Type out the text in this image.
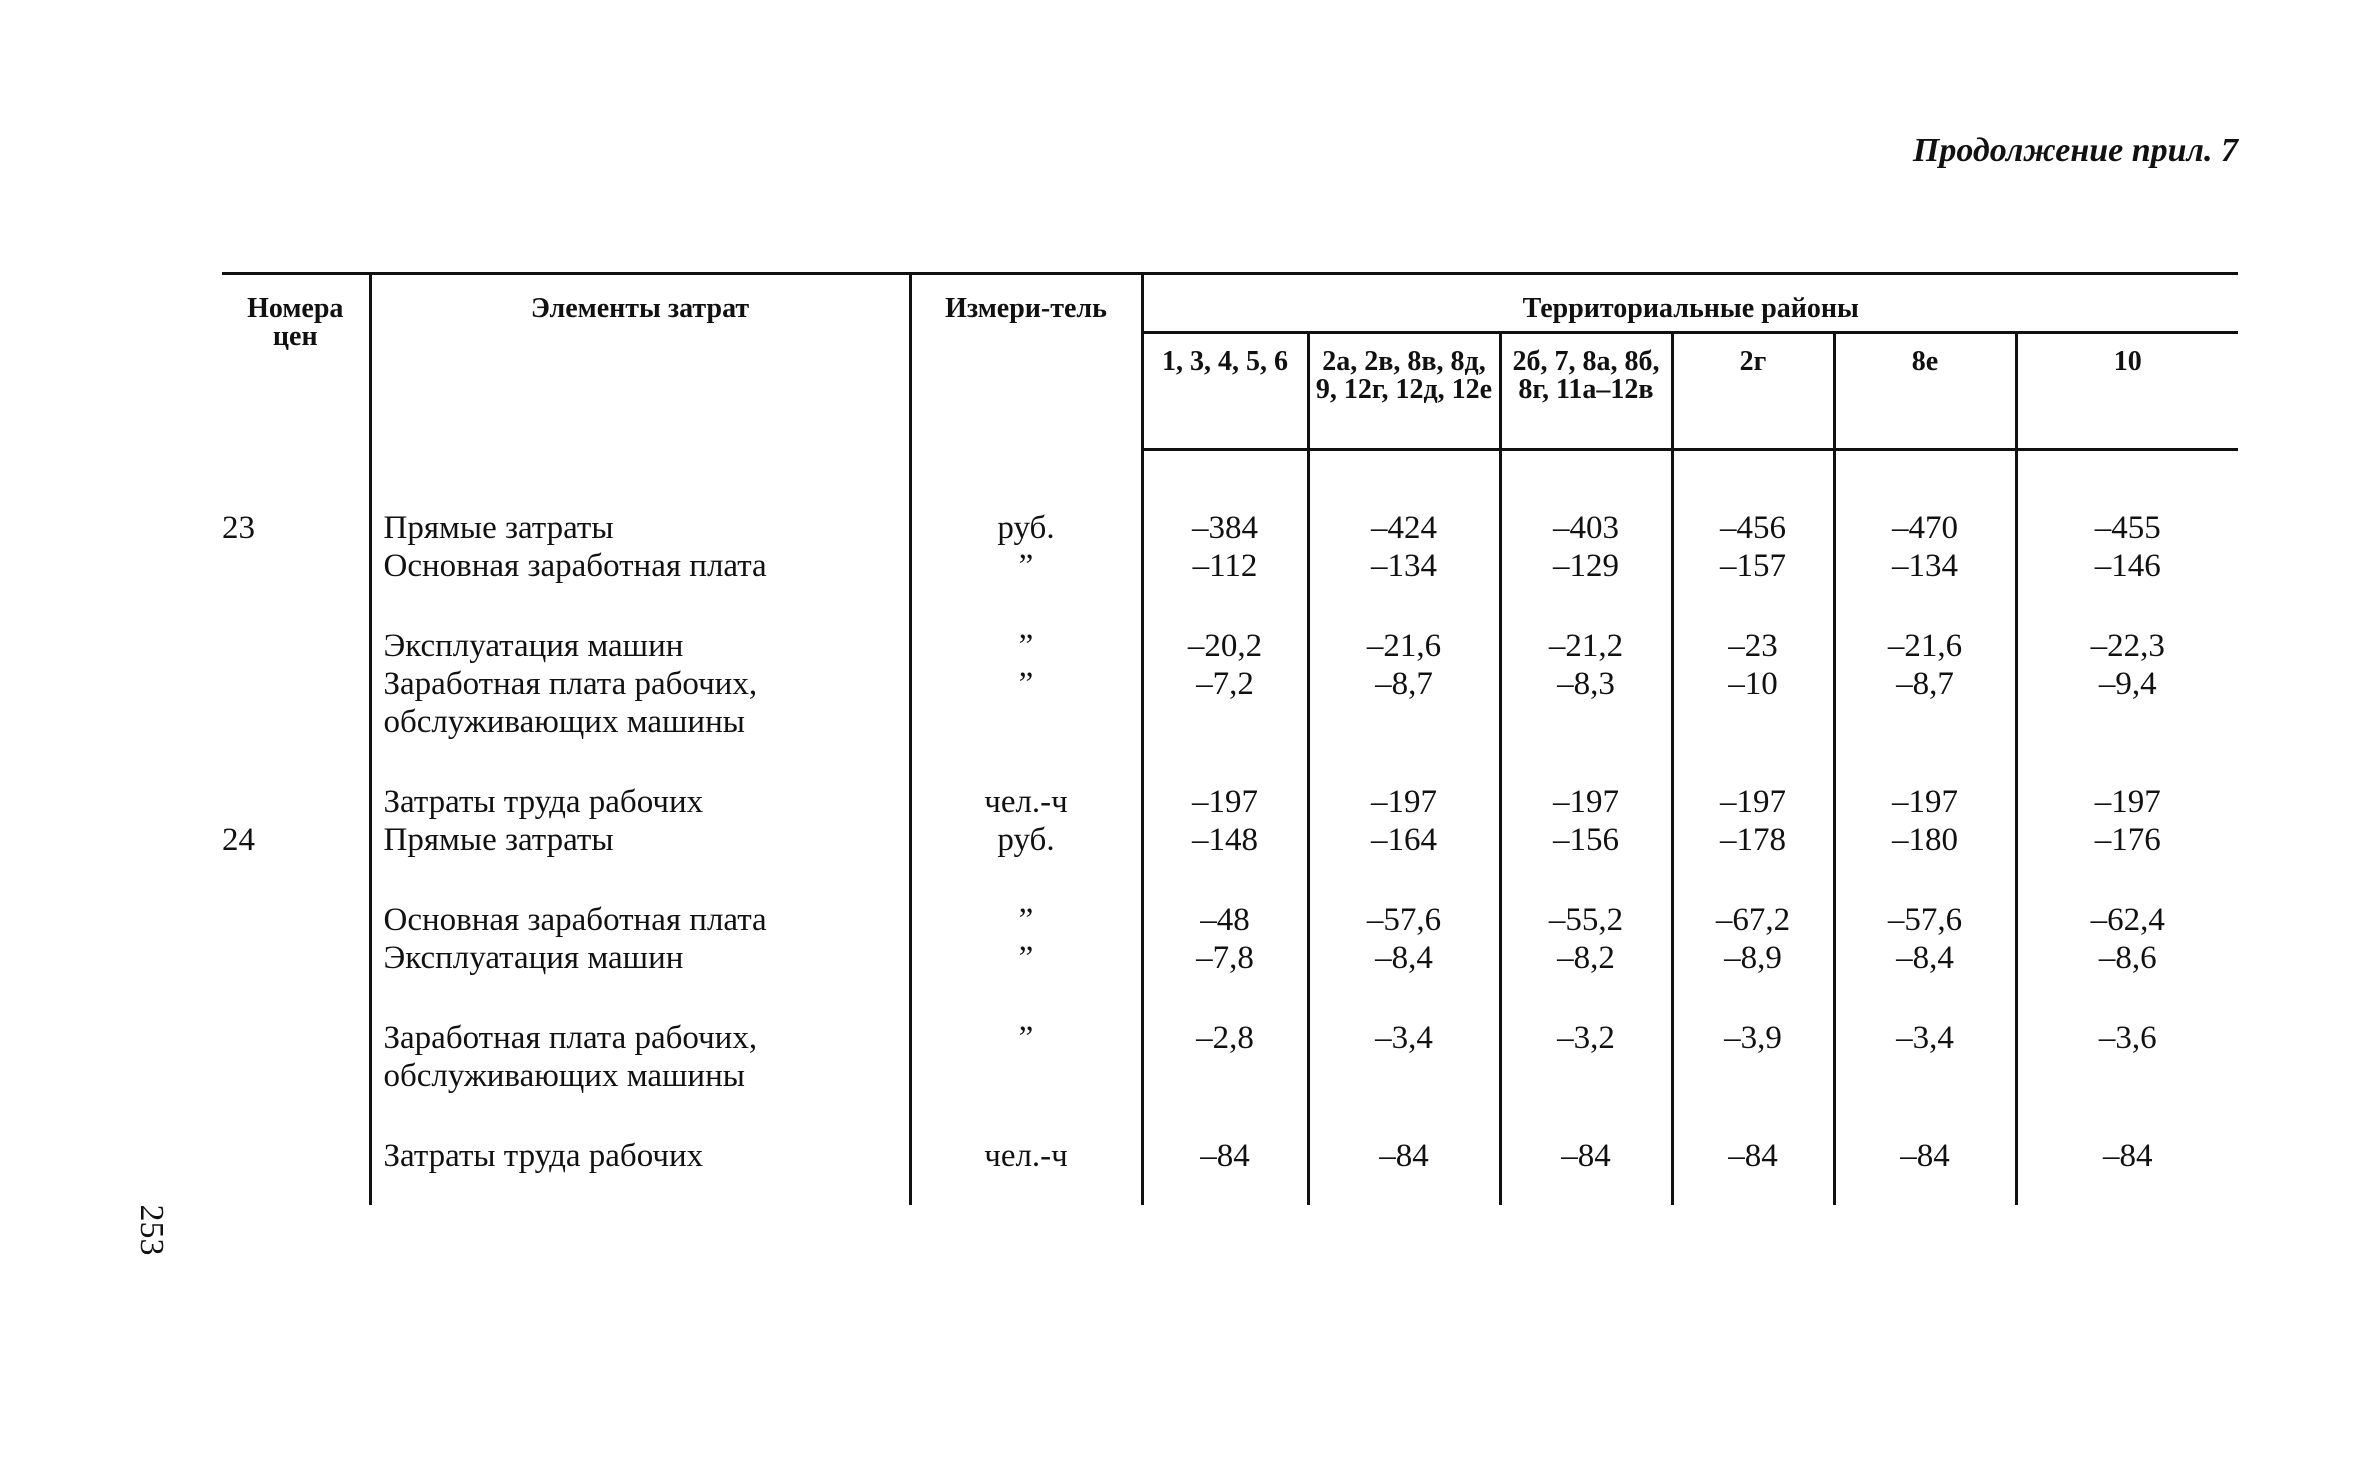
Продолжение прил. 7
253
Номера цен	Элементы затрат	Измери-тель	Территориальные районы					
			1, 3, 4, 5, 6	2а, 2в, 8в, 8д, 9, 12г, 12д, 12е	2б, 7, 8а, 8б, 8г, 11а–12в	2г	8е	10

23	Прямые затраты	руб.	–384	–424	–403	–456	–470	–455
	Основная заработная плата	”	–112	–134	–129	–157	–134	–146

	Эксплуатация машин	”	–20,2	–21,6	–21,2	–23	–21,6	–22,3
	Заработная плата рабочих, обслуживающих машины	”	–7,2	–8,7	–8,3	–10	–8,7	–9,4

	Затраты труда рабочих	чел.-ч	–197	–197	–197	–197	–197	–197
24	Прямые затраты	руб.	–148	–164	–156	–178	–180	–176

	Основная заработная плата	”	–48	–57,6	–55,2	–67,2	–57,6	–62,4
	Эксплуатация машин	”	–7,8	–8,4	–8,2	–8,9	–8,4	–8,6

	Заработная плата рабочих, обслуживающих машины	”	–2,8	–3,4	–3,2	–3,9	–3,4	–3,6

	Затраты труда рабочих	чел.-ч	–84	–84	–84	–84	–84	–84
